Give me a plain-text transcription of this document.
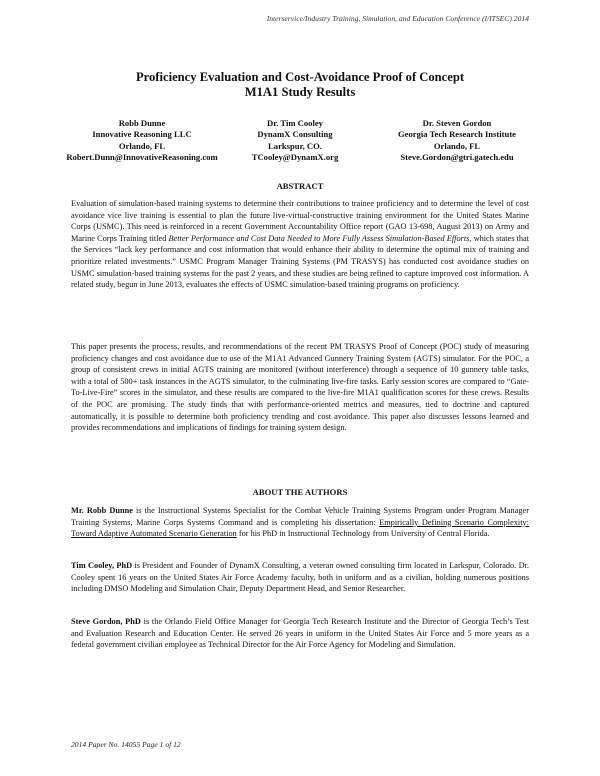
Interservice/Industry Training, Simulation, and Education Conference (I/ITSEC) 2014
Proficiency Evaluation and Cost-Avoidance Proof of Concept
M1A1 Study Results
Robb Dunne
Innovative Reasoning LLC
Orlando, FL
Robert.Dunn@InnovativeReasoning.com
Dr. Tim Cooley
DynamX Consulting
Larkspur, CO.
TCooley@DynamX.org
Dr. Steven Gordon
Georgia Tech Research Institute
Orlando, FL
Steve.Gordon@gtri.gatech.edu
ABSTRACT

Evaluation of simulation-based training systems to determine their contributions to trainee proficiency and to determine the level of cost avoidance vice live training is essential to plan the future live-virtual-constructive training environment for the United States Marine Corps (USMC). This need is reinforced in a recent Government Accountability Office report (GAO 13-698, August 2013) on Army and Marine Corps Training titled Better Performance and Cost Data Needed to More Fully Assess Simulation-Based Efforts, which states that the Services “lack key performance and cost information that would enhance their ability to determine the optimal mix of training and prioritize related investments.” USMC Program Manager Training Systems (PM TRASYS) has conducted cost avoidance studies on USMC simulation-based training systems for the past 2 years, and these studies are being refined to capture improved cost information. A related study, begun in June 2013, evaluates the effects of USMC simulation-based training programs on proficiency.

This paper presents the process, results, and recommendations of the recent PM TRASYS Proof of Concept (POC) study of measuring proficiency changes and cost avoidance due to use of the M1A1 Advanced Gunnery Training System (AGTS) simulator. For the POC, a group of consistent crews in initial AGTS training are monitored (without interference) through a sequence of 10 gunnery table tasks, with a total of 500+ task instances in the AGTS simulator, to the culminating live-fire tasks. Early session scores are compared to “Gate-To-Live-Fire” scores in the simulator, and these results are compared to the live-fire M1A1 qualification scores for these crews. Results of the POC are promising. The study finds that with performance-oriented metrics and measures, tied to doctrine and captured automatically, it is possible to determine both proficiency trending and cost avoidance. This paper also discusses lessons learned and provides recommendations and implications of findings for training system design.

ABOUT THE AUTHORS

Mr. Robb Dunne is the Instructional Systems Specialist for the Combat Vehicle Training Systems Program under Program Manager Training Systems, Marine Corps Systems Command and is completing his dissertation: Empirically Defining Scenario Complexity: Toward Adaptive Automated Scenario Generation for his PhD in Instructional Technology from University of Central Florida.

Tim Cooley, PhD is President and Founder of DynamX Consulting, a veteran owned consulting firm located in Larkspur, Colorado. Dr. Cooley spent 16 years on the United States Air Force Academy faculty, both in uniform and as a civilian, holding numerous positions including DMSO Modeling and Simulation Chair, Deputy Department Head, and Senior Researcher.

Steve Gordon, PhD is the Orlando Field Office Manager for Georgia Tech Research Institute and the Director of Georgia Tech’s Test and Evaluation Research and Education Center. He served 26 years in uniform in the United States Air Force and 5 more years as a federal government civilian employee as Technical Director for the Air Force Agency for Modeling and Simulation.

2014 Paper No. 14055 Page 1 of 12
